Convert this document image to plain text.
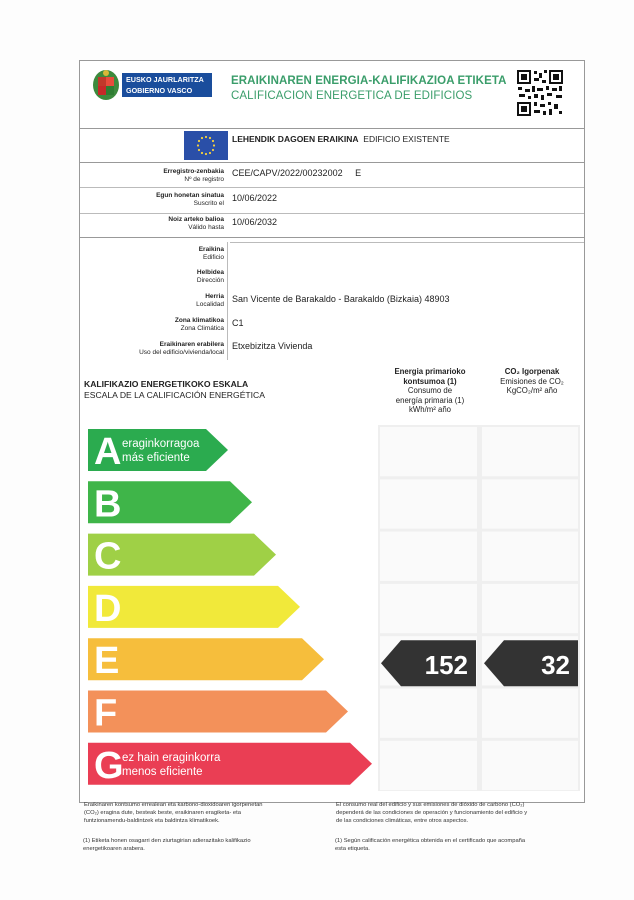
EUSKO JAURLARITZA
GOBIERNO VASCO
ERAIKINAREN ENERGIA-KALIFIKAZIOA ETIKETA
CALIFICACION ENERGETICA DE EDIFICIOS
LEHENDIK DAGOEN ERAIKINA EDIFICIO EXISTENTE
Erregistro-zenbakia
Nº de registro
CEE/CAPV/2022/00232002 E
Egun honetan sinatua
Suscrito el
10/06/2022
Noiz arteko balioa
Válido hasta
10/06/2032
Eraikina
Edificio
Helbidea
Dirección
Herria
Localidad
San Vicente de Barakaldo - Barakaldo (Bizkaia) 48903
Zona klimatikoa
Zona Climática
C1
Eraikinaren erabilera
Uso del edificio/vivienda/local
Etxebizitza Vivienda
KALIFIKAZIO ENERGETIKOKO ESKALA
ESCALA DE LA CALIFICACIÓN ENERGÉTICA
Energia primarioko
kontsumoa (1)
Consumo de
energía primaria (1)
kWh/m² año
CO₂ Igorpenak
Emisiones de CO₂
KgCO₂/m² año
A eraginkorragoa
más eficiente
B
C
D
E
F
G
ez hain eraginkorra
menos eficiente
152	32
Eraikinaren kontsumo errealean eta karbono-dioxidoaren igorpenetan
(CO₂) eragina dute, besteak beste, eraikinaren eragiketa- eta
funtzionamendu-baldintzek eta baldintza klimatikoek.
El consumo real del edificio y sus emisiones de dióxido de carbono (CO₂)
dependerá de las condiciones de operación y funcionamiento del edificio y
de las condiciones climáticas, entre otros aspectos.
(1) Etiketa honen osagarri den ziurtagirian adierazitako kalifikazio
energetikoaren arabera.
(1) Según calificación energética obtenida en el certificado que acompaña
esta etiqueta.
